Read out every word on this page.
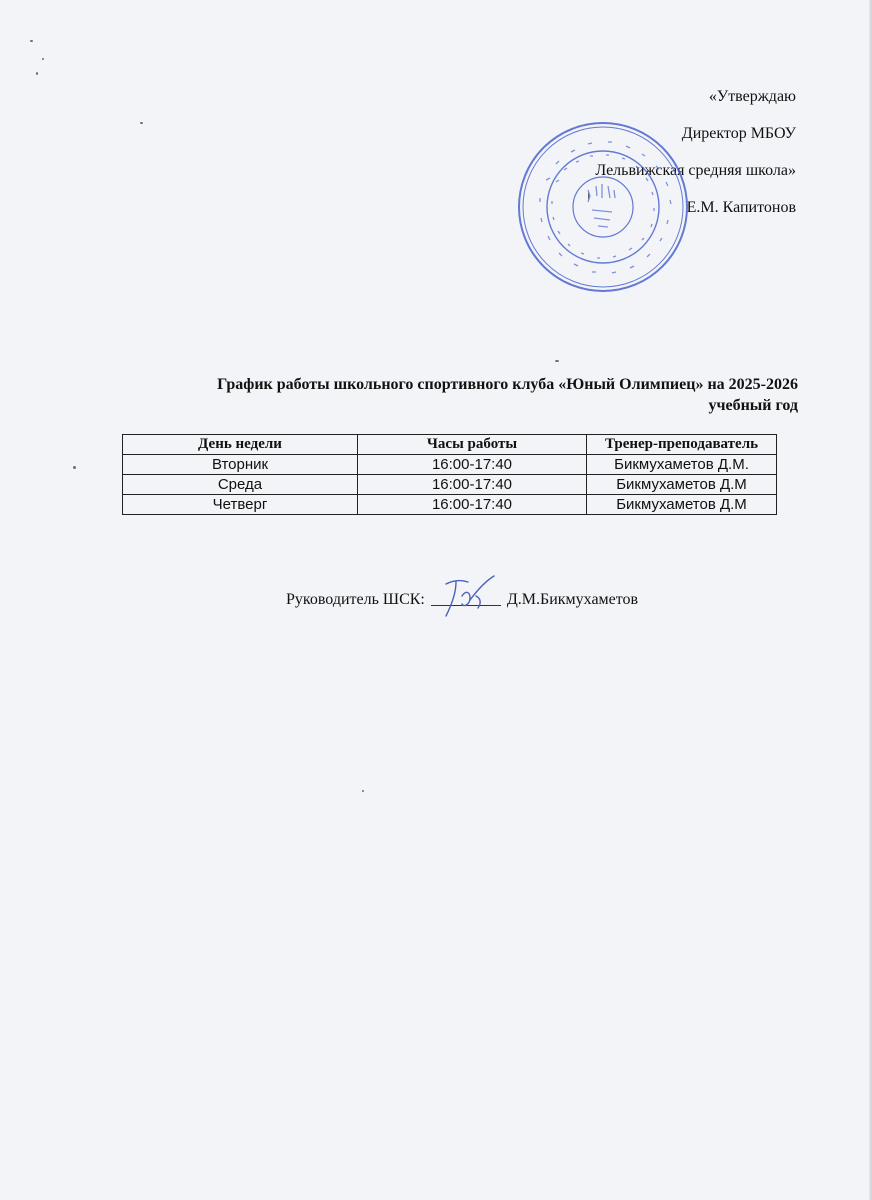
«Утверждаю
Директор МБОУ
Лельвижская средняя школа»
Е.М. Капитонов
График работы школьного спортивного клуба «Юный Олимпиец» на 2025-2026
учебный год
День недели	Часы работы	Тренер-преподаватель
Вторник	16:00-17:40	Бикмухаметов Д.М.
Среда	16:00-17:40	Бикмухаметов Д.М
Четверг	16:00-17:40	Бикмухаметов Д.М
Руководитель ШСК:	Д.М.Бикмухаметов
